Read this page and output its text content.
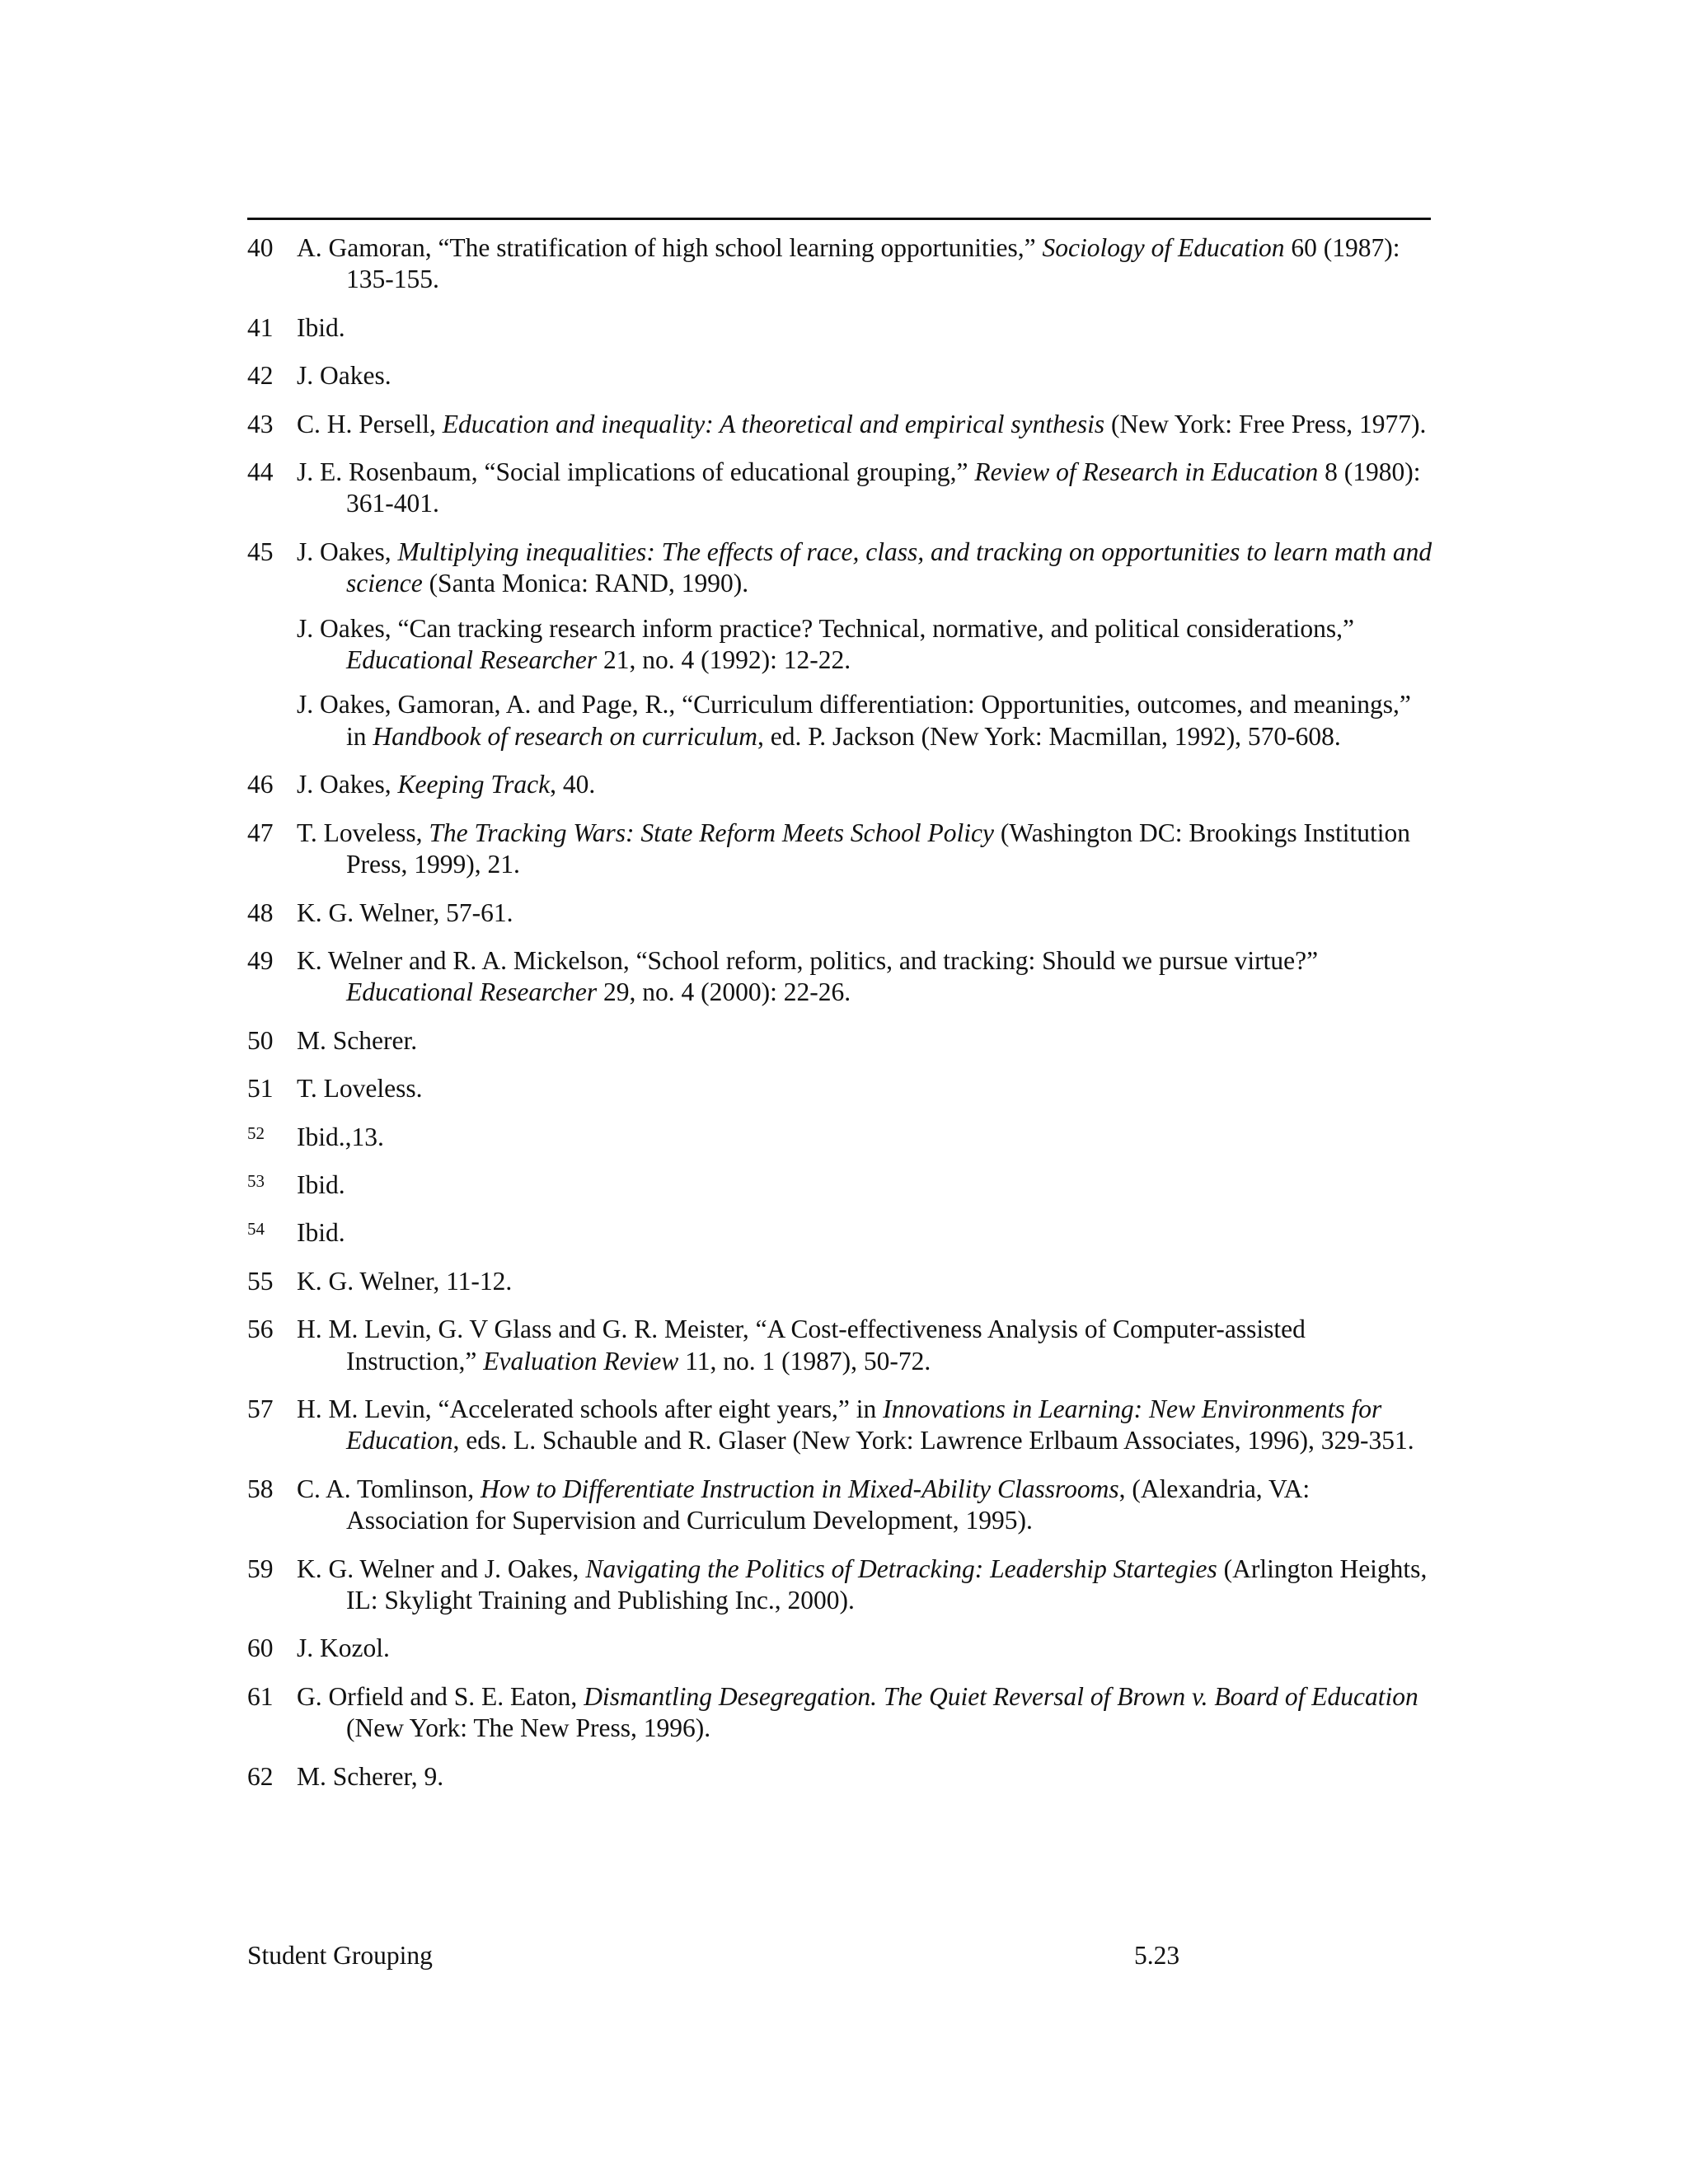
40 A. Gamoran, “The stratification of high school learning opportunities,” Sociology of Education 60 (1987): 135-155.
41 Ibid.
42 J. Oakes.
43 C. H. Persell, Education and inequality: A theoretical and empirical synthesis (New York: Free Press, 1977).
44 J. E. Rosenbaum, “Social implications of educational grouping,” Review of Research in Education 8 (1980): 361-401.
45 J. Oakes, Multiplying inequalities: The effects of race, class, and tracking on opportunities to learn math and science (Santa Monica: RAND, 1990).
J. Oakes, “Can tracking research inform practice? Technical, normative, and political considerations,” Educational Researcher 21, no. 4 (1992): 12-22.
J. Oakes, Gamoran, A. and Page, R., “Curriculum differentiation: Opportunities, outcomes, and meanings,” in Handbook of research on curriculum, ed. P. Jackson (New York: Macmillan, 1992), 570-608.
46 J. Oakes, Keeping Track, 40.
47 T. Loveless, The Tracking Wars: State Reform Meets School Policy (Washington DC: Brookings Institution Press, 1999), 21.
48 K. G. Welner, 57-61.
49 K. Welner and R. A. Mickelson, “School reform, politics, and tracking: Should we pursue virtue?” Educational Researcher 29, no. 4 (2000): 22-26.
50 M. Scherer.
51 T. Loveless.
52	Ibid.,13.
53	Ibid.
54	Ibid.
55 K. G. Welner, 11-12.
56 H. M. Levin, G. V Glass and G. R. Meister, “A Cost-effectiveness Analysis of Computer-assisted Instruction,” Evaluation Review 11, no. 1 (1987), 50-72.
57 H. M. Levin, “Accelerated schools after eight years,” in Innovations in Learning: New Environments for Education, eds. L. Schauble and R. Glaser (New York: Lawrence Erlbaum Associates, 1996), 329-351.
58 C. A. Tomlinson, How to Differentiate Instruction in Mixed-Ability Classrooms, (Alexandria, VA: Association for Supervision and Curriculum Development, 1995).
59 K. G. Welner and J. Oakes, Navigating the Politics of Detracking: Leadership Startegies (Arlington Heights, IL: Skylight Training and Publishing Inc., 2000).
60 J. Kozol.
61 G. Orfield and S. E. Eaton, Dismantling Desegregation. The Quiet Reversal of Brown v. Board of Education (New York: The New Press, 1996).
62 M. Scherer, 9.
Student Grouping	5.23
